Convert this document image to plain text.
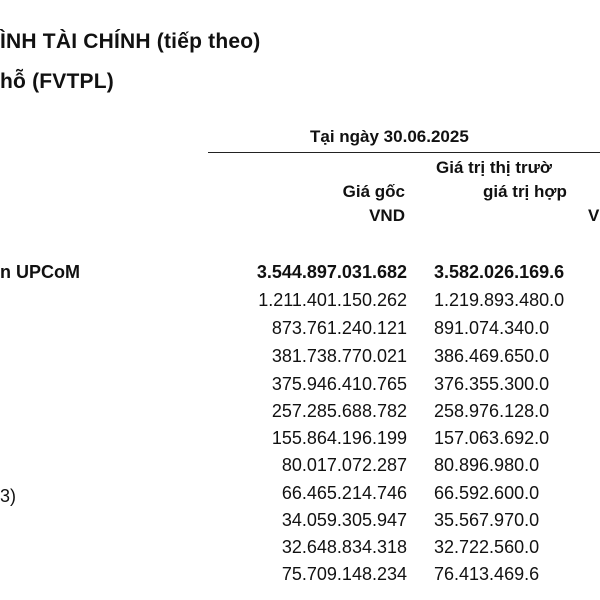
ÌNH TÀI CHÍNH (tiếp theo)
hỗ (FVTPL)
Tại ngày 30.06.2025
Giá gốc
VND
Giá trị thị trườ
giá trị hợp
V
n UPCoM
3)
3.544.897.031.682 3.582.026.169.6
1.211.401.150.262 1.219.893.480.0
873.761.240.121 891.074.340.0
381.738.770.021 386.469.650.0
375.946.410.765 376.355.300.0
257.285.688.782 258.976.128.0
155.864.196.199 157.063.692.0
80.017.072.287 80.896.980.0
66.465.214.746 66.592.600.0
34.059.305.947 35.567.970.0
32.648.834.318 32.722.560.0
75.709.148.234 76.413.469.6
